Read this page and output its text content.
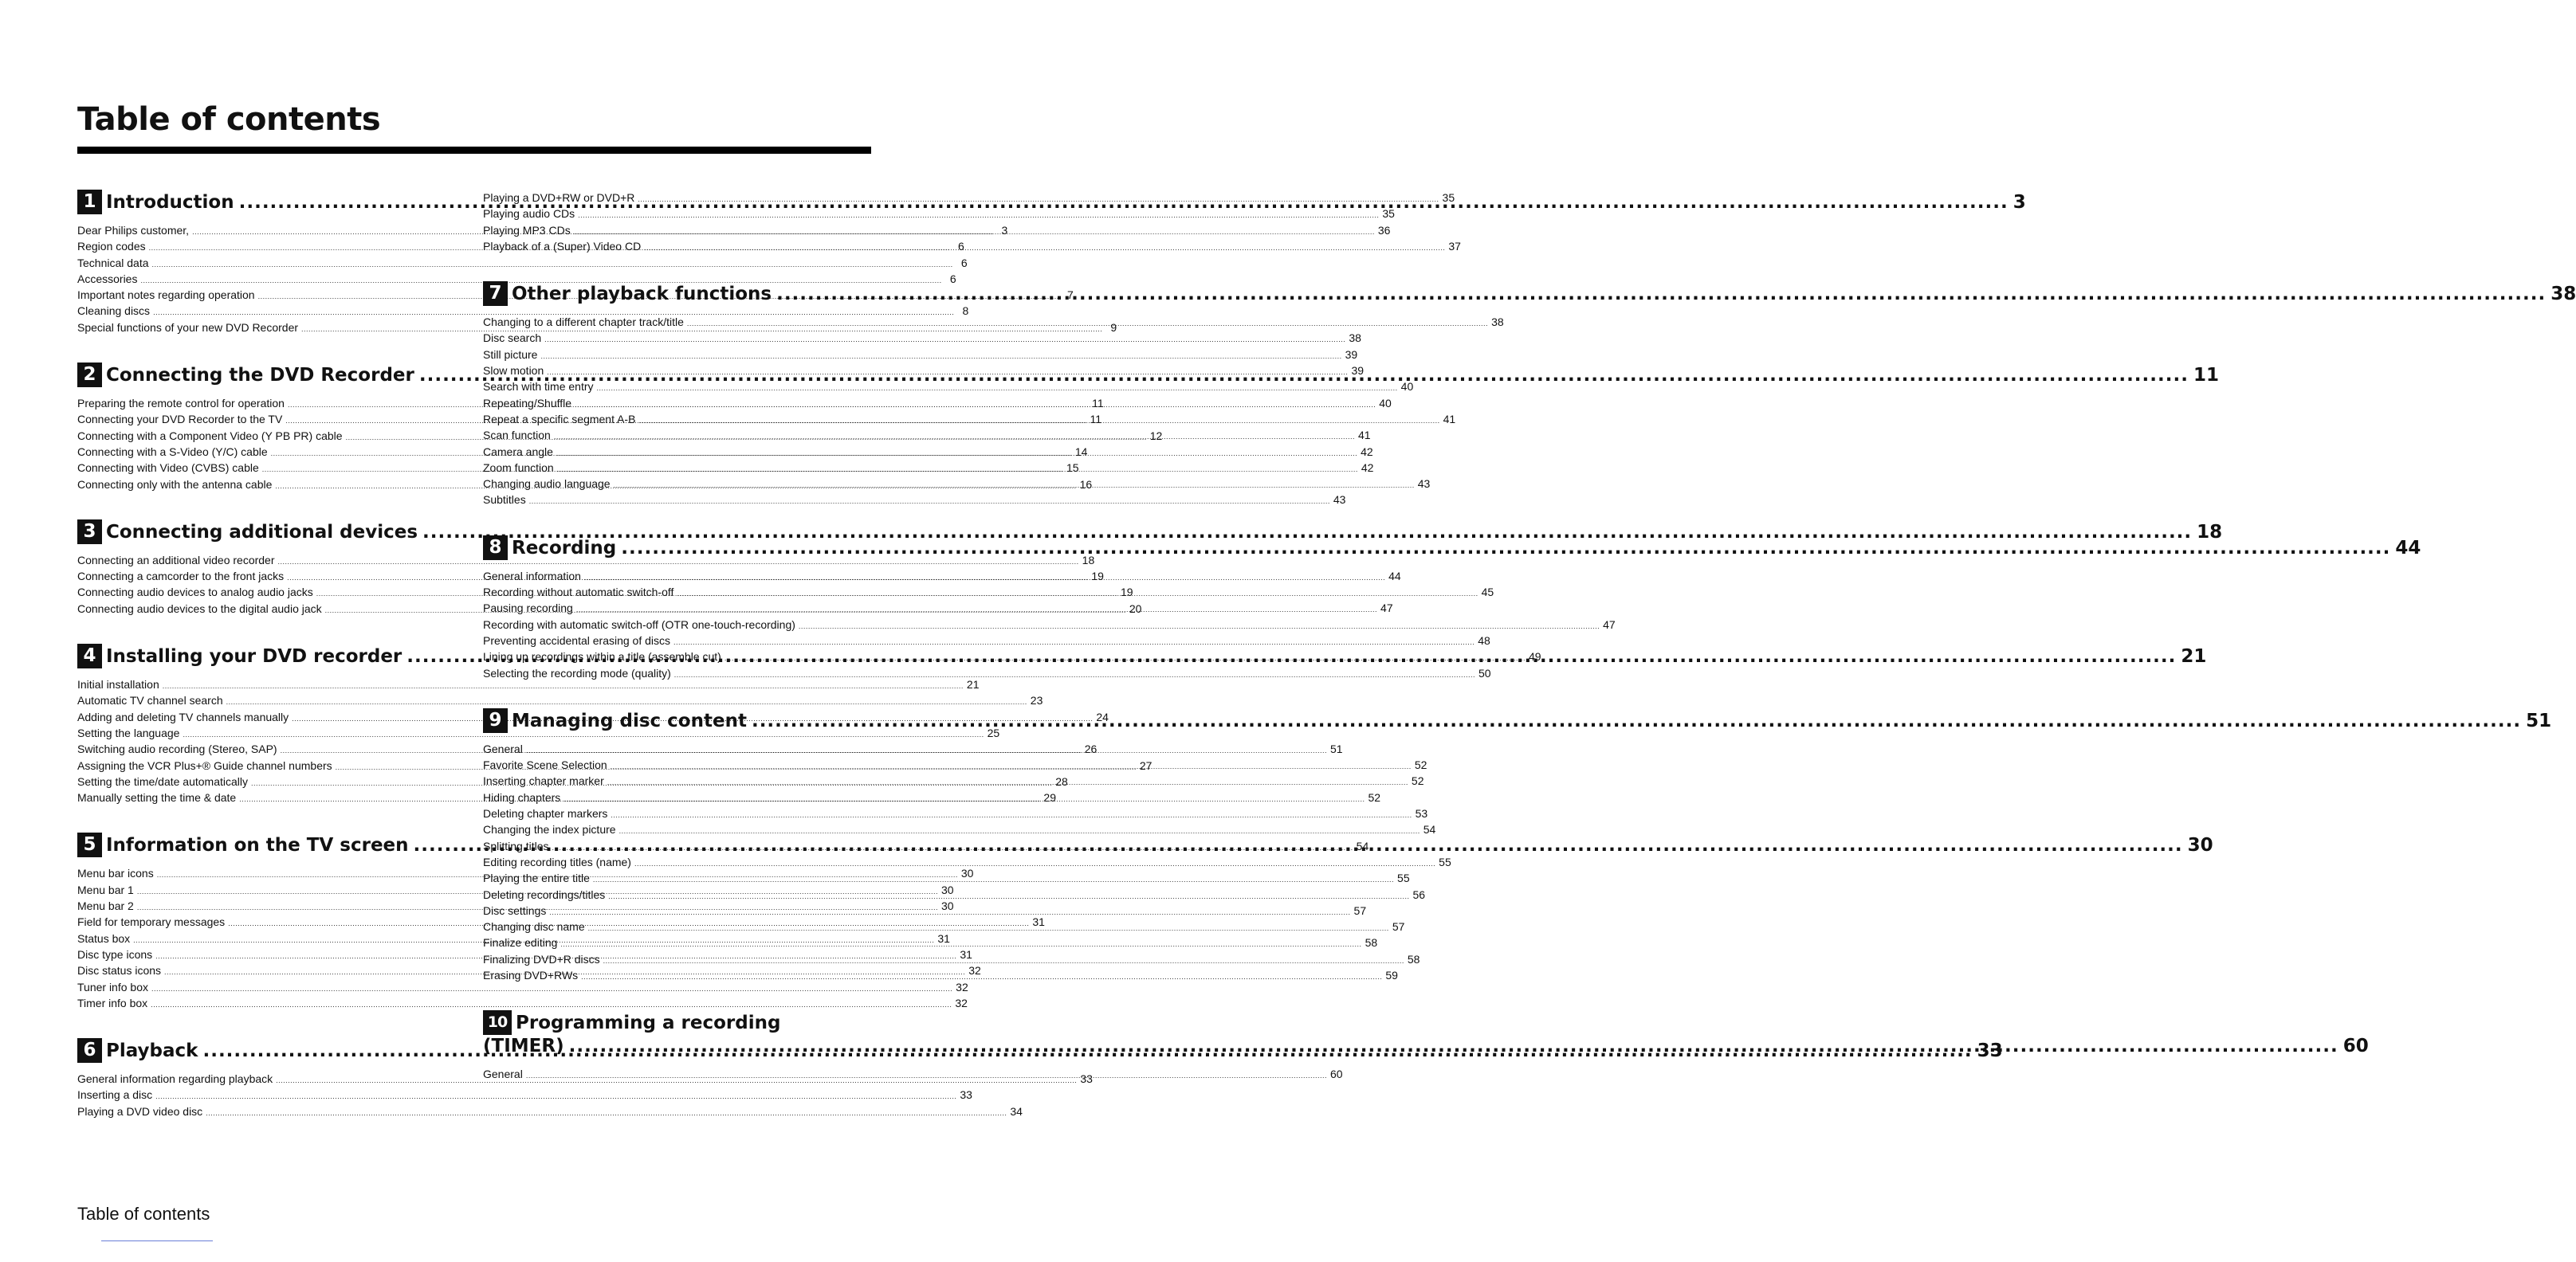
Table of contents
1 Introduction .....	3
Dear Philips customer, .....	3
Region codes .....	6
Technical data .....	6
Accessories .....	6
Important notes regarding operation .....	7
Cleaning discs .....	8
Special functions of your new DVD Recorder .....	9
2 Connecting the DVD Recorder .....	11
Preparing the remote control for operation .....	11
Connecting your DVD Recorder to the TV .....	11
Connecting with a Component Video (Y PB PR) cable .....	12
Connecting with a S-Video (Y/C) cable .....	14
Connecting with Video (CVBS) cable .....	15
Connecting only with the antenna cable .....	16
3 Connecting additional devices .....	18
Connecting an additional video recorder .....	18
Connecting a camcorder to the front jacks .....	19
Connecting audio devices to analog audio jacks .....	19
Connecting audio devices to the digital audio jack .....	20
4 Installing your DVD recorder .....	21
Initial installation .....	21
Automatic TV channel search .....	23
Adding and deleting TV channels manually .....	24
Setting the language .....	25
Switching audio recording (Stereo, SAP) .....	26
Assigning the VCR Plus+® Guide channel numbers .....	27
Setting the time/date automatically .....	28
Manually setting the time & date .....	29
5 Information on the TV screen .....	30
Menu bar icons .....	30
Menu bar 1 .....	30
Menu bar 2 .....	30
Field for temporary messages .....	31
Status box .....	31
Disc type icons .....	31
Disc status icons .....	32
Tuner info box .....	32
Timer info box .....	32
6 Playback .....	33
General information regarding playback .....	33
Inserting a disc .....	33
Playing a DVD video disc .....	34
Playing a DVD+RW or DVD+R .....	35
Playing audio CDs .....	35
Playing MP3 CDs .....	36
Playback of a (Super) Video CD .....	37
7 Other playback functions .....	38
Changing to a different chapter track/title .....	38
Disc search .....	38
Still picture .....	39
Slow motion .....	39
Search with time entry .....	40
Repeating/Shuffle .....	40
Repeat a specific segment A-B .....	41
Scan function .....	41
Camera angle .....	42
Zoom function .....	42
Changing audio language .....	43
Subtitles .....	43
8 Recording .....	44
General information .....	44
Recording without automatic switch-off .....	45
Pausing recording .....	47
Recording with automatic switch-off (OTR one-touch-recording) .....	47
Preventing accidental erasing of discs .....	48
Lining up recordings within a title (assemble cut) .....	49
Selecting the recording mode (quality) .....	50
9 Managing disc content .....	51
General .....	51
Favorite Scene Selection .....	52
Inserting chapter marker .....	52
Hiding chapters .....	52
Deleting chapter markers .....	53
Changing the index picture .....	54
Splitting titles .....	54
Editing recording titles (name) .....	55
Playing the entire title .....	55
Deleting recordings/titles .....	56
Disc settings .....	57
Changing disc name .....	57
Finalize editing .....	58
Finalizing DVD+R discs .....	58
Erasing DVD+RWs .....	59
10 Programming a recording
(TIMER) .....	60
General .....	60
Table of contents
